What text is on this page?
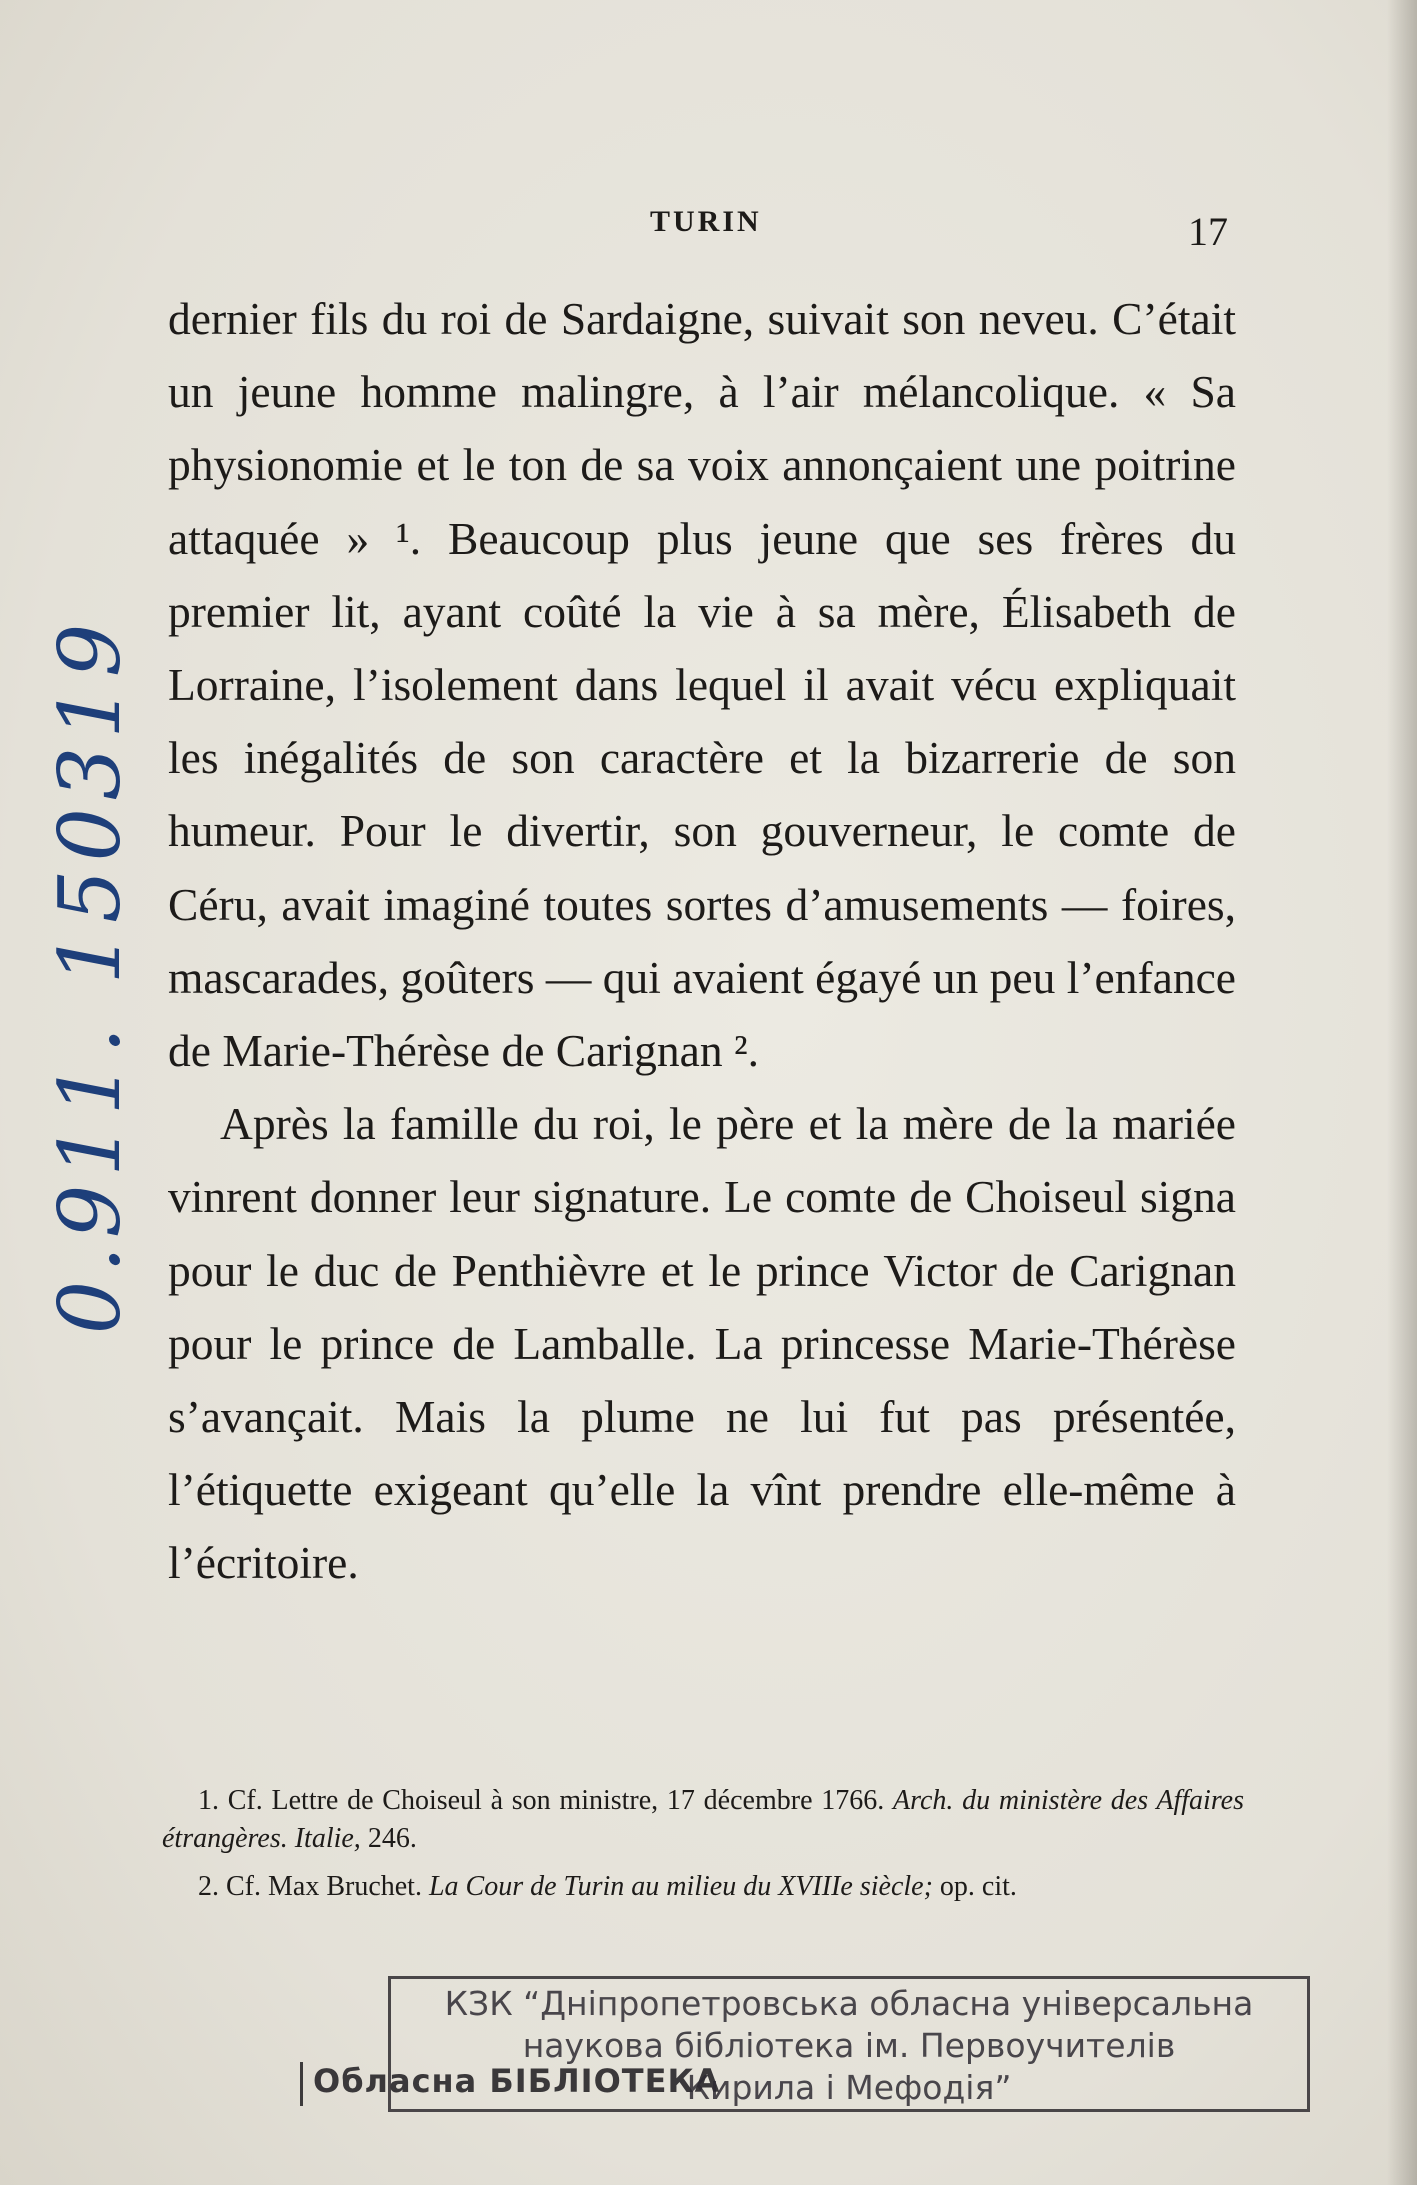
TURIN	17
0.911. 150319

dernier fils du roi de Sardaigne, suivait son neveu. C’était un jeune homme malingre, à l’air mélancolique. « Sa physionomie et le ton de sa voix annonçaient une poitrine attaquée » ¹. Beaucoup plus jeune que ses frères du premier lit, ayant coûté la vie à sa mère, Élisabeth de Lorraine, l’isolement dans lequel il avait vécu expliquait les inégalités de son caractère et la bizarrerie de son humeur. Pour le divertir, son gouverneur, le comte de Céru, avait imaginé toutes sortes d’amusements — foires, mascarades, goûters — qui avaient égayé un peu l’enfance de Marie-Thérèse de Carignan ².

Après la famille du roi, le père et la mère de la mariée vinrent donner leur signature. Le comte de Choiseul signa pour le duc de Penthièvre et le prince Victor de Carignan pour le prince de Lamballe. La princesse Marie-Thérèse s’avançait. Mais la plume ne lui fut pas présentée, l’étiquette exigeant qu’elle la vînt prendre elle-même à l’écritoire.

1. Cf. Lettre de Choiseul à son ministre, 17 décembre 1766. Arch. du ministère des Affaires étrangères. Italie, 246.

2. Cf. Max Bruchet. La Cour de Turin au milieu du XVIIIe siècle; op. cit.

Обласна БІБЛІОТЕКА
КЗК “Дніпропетровська обласна універсальна
наукова бібліотека ім. Первоучителів
Кирила і Мефодія”
